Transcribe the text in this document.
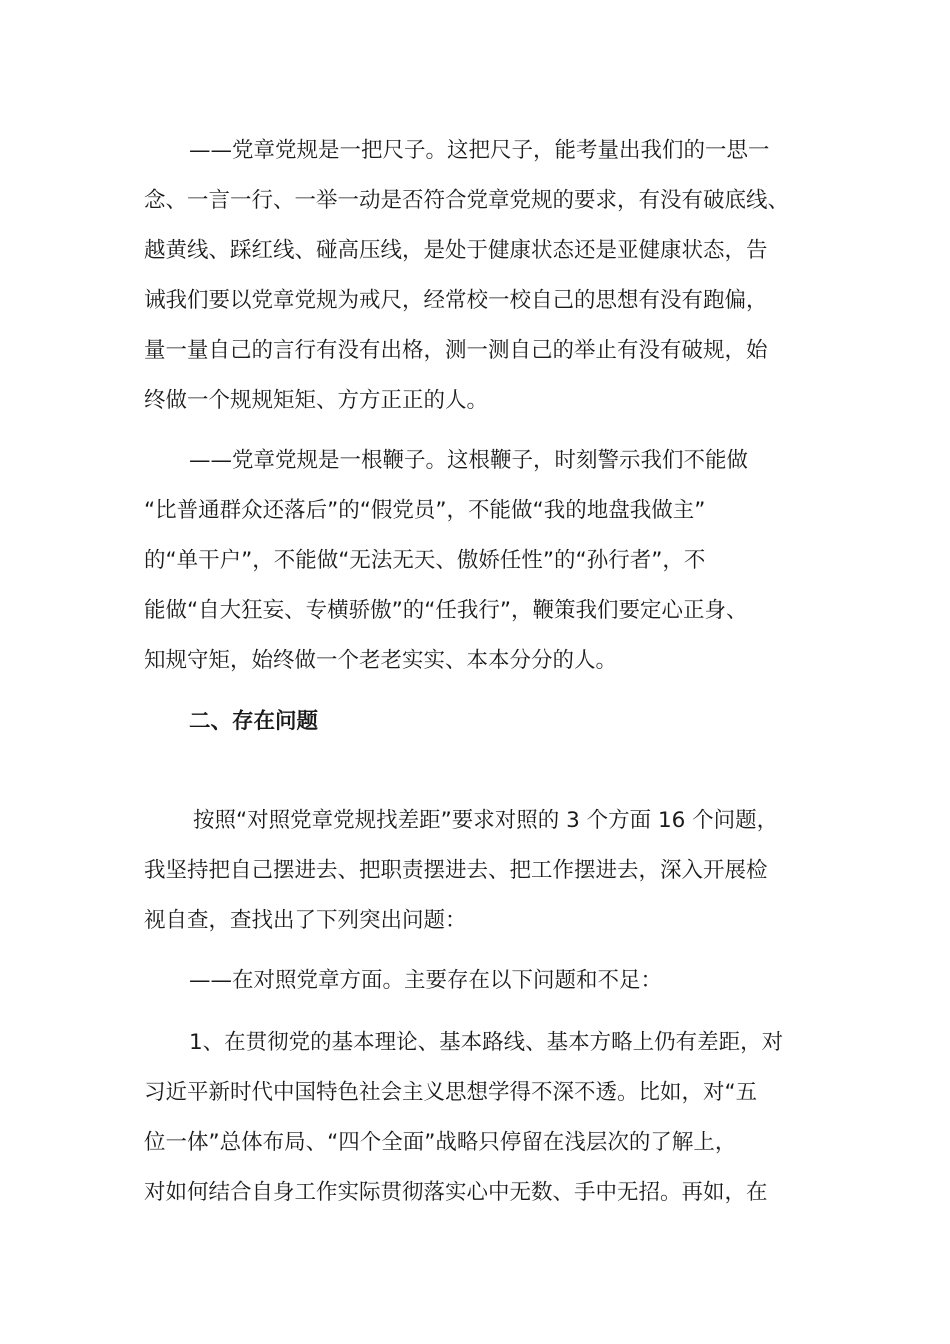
——党章党规是一把尺子。这把尺子，能考量出我们的一思一
念、一言一行、一举一动是否符合党章党规的要求，有没有破底线、
越黄线、踩红线、碰高压线，是处于健康状态还是亚健康状态，告
诫我们要以党章党规为戒尺，经常校一校自己的思想有没有跑偏，
量一量自己的言行有没有出格，测一测自己的举止有没有破规，始
终做一个规规矩矩、方方正正的人。
——党章党规是一根鞭子。这根鞭子，时刻警示我们不能做
“比普通群众还落后”的“假党员”，不能做“我的地盘我做主”
的“单干户”，不能做“无法无天、傲娇任性”的“孙行者”，不
能做“自大狂妄、专横骄傲”的“任我行”，鞭策我们要定心正身、
知规守矩，始终做一个老老实实、本本分分的人。
二、存在问题
按照“对照党章党规找差距”要求对照的 3 个方面 16 个问题，
我坚持把自己摆进去、把职责摆进去、把工作摆进去，深入开展检
视自查，查找出了下列突出问题：
——在对照党章方面。主要存在以下问题和不足：
1、在贯彻党的基本理论、基本路线、基本方略上仍有差距，对
习近平新时代中国特色社会主义思想学得不深不透。比如，对“五
位一体”总体布局、“四个全面”战略只停留在浅层次的了解上，
对如何结合自身工作实际贯彻落实心中无数、手中无招。再如，在
